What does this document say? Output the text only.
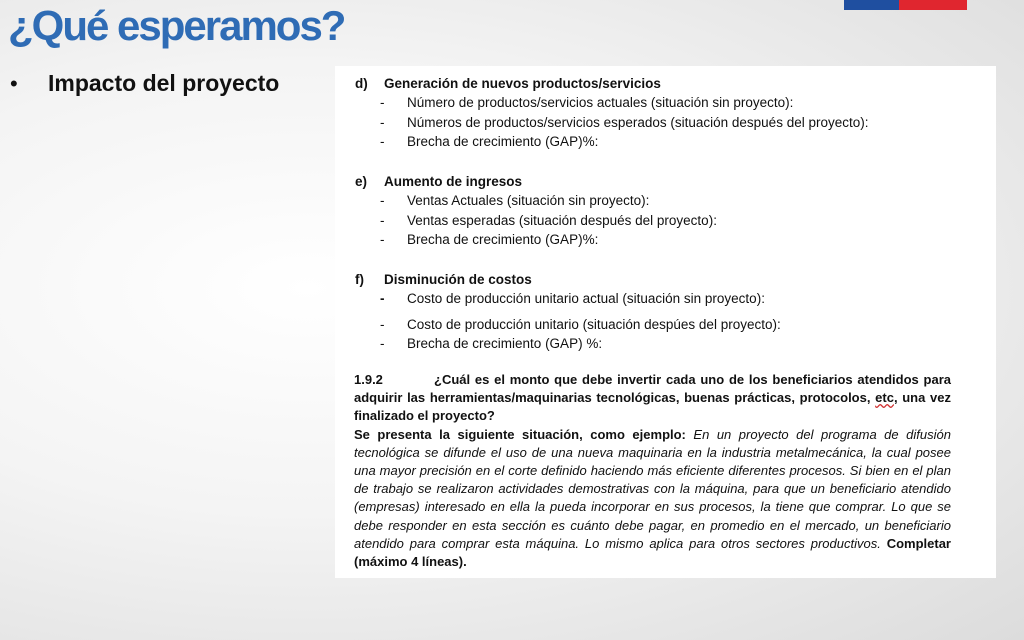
¿Qué esperamos?
•	Impacto del proyecto	d)	Generación de nuevos productos/servicios
-	Número de productos/servicios actuales (situación sin proyecto):
-	Números de productos/servicios esperados (situación después del proyecto):
-	Brecha de crecimiento (GAP)%:
e)	Aumento de ingresos
-	Ventas Actuales (situación sin proyecto):
-	Ventas esperadas (situación después del proyecto):
-	Brecha de crecimiento (GAP)%:
f)	Disminución de costos
-	Costo de producción unitario actual (situación sin proyecto):
-	Costo de producción unitario (situación despúes del proyecto):
-	Brecha de crecimiento (GAP) %:
1.9.2	¿Cuál es el monto que debe invertir cada uno de los beneficiarios atendidos para adquirir las herramientas/maquinarias tecnológicas, buenas prácticas, protocolos, etc, una vez finalizado el proyecto?
Se presenta la siguiente situación, como ejemplo: En un proyecto del programa de difusión tecnológica se difunde el uso de una nueva maquinaria en la industria metalmecánica, la cual posee una mayor precisión en el corte definido haciendo más eficiente diferentes procesos. Si bien en el plan de trabajo se realizaron actividades demostrativas con la máquina, para que un beneficiario atendido (empresas) interesado en ella la pueda incorporar en sus procesos, la tiene que comprar. Lo que se debe responder en esta sección es cuánto debe pagar, en promedio en el mercado, un beneficiario atendido para comprar esta máquina. Lo mismo aplica para otros sectores productivos. Completar (máximo 4 líneas).
